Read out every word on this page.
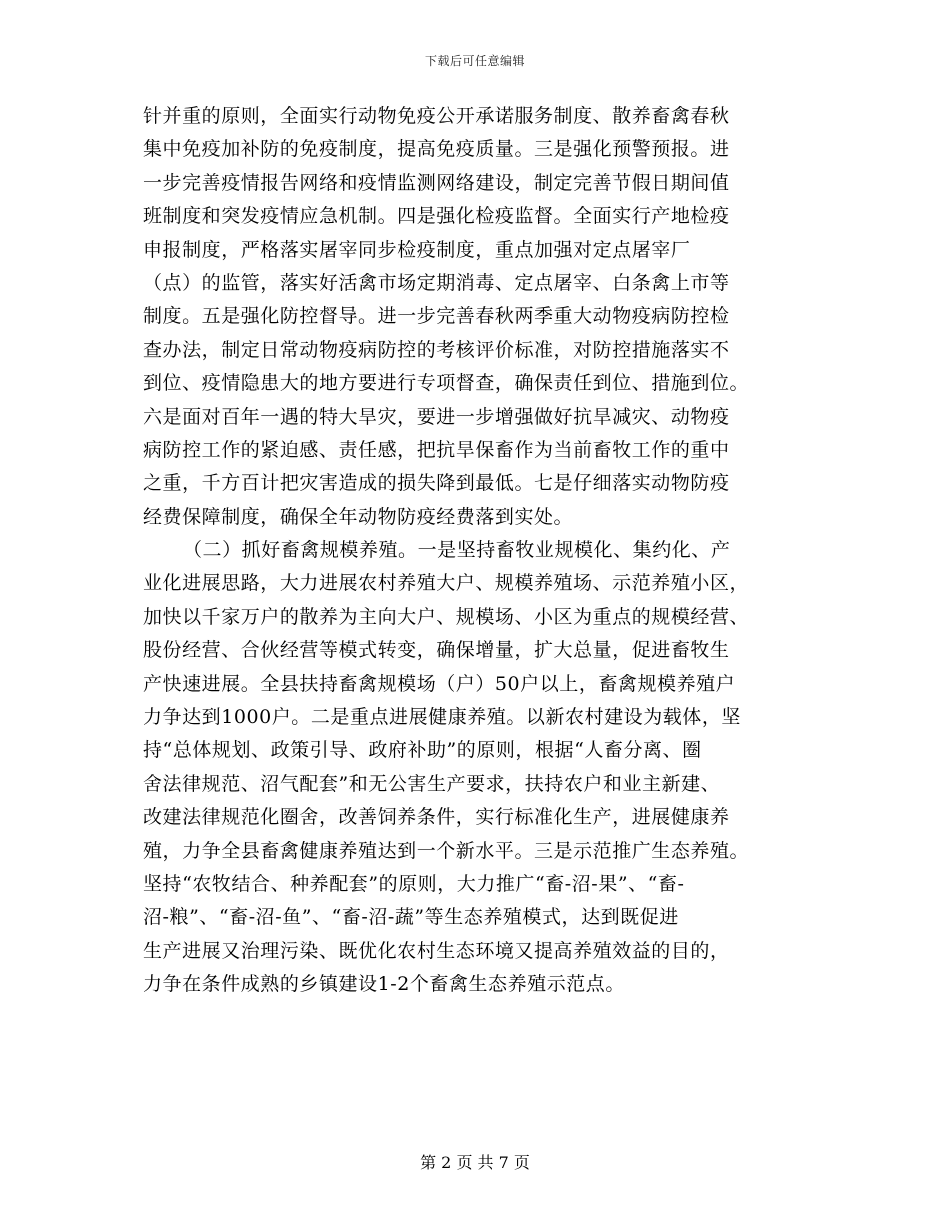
下载后可任意编辑
针并重的原则，全面实行动物免疫公开承诺服务制度、散养畜禽春秋
集中免疫加补防的免疫制度，提高免疫质量。三是强化预警预报。进
一步完善疫情报告网络和疫情监测网络建设，制定完善节假日期间值
班制度和突发疫情应急机制。四是强化检疫监督。全面实行产地检疫
申报制度，严格落实屠宰同步检疫制度，重点加强对定点屠宰厂
（点）的监管，落实好活禽市场定期消毒、定点屠宰、白条禽上市等
制度。五是强化防控督导。进一步完善春秋两季重大动物疫病防控检
查办法，制定日常动物疫病防控的考核评价标准，对防控措施落实不
到位、疫情隐患大的地方要进行专项督查，确保责任到位、措施到位。
六是面对百年一遇的特大旱灾，要进一步增强做好抗旱减灾、动物疫
病防控工作的紧迫感、责任感，把抗旱保畜作为当前畜牧工作的重中
之重，千方百计把灾害造成的损失降到最低。七是仔细落实动物防疫
经费保障制度，确保全年动物防疫经费落到实处。
（二）抓好畜禽规模养殖。一是坚持畜牧业规模化、集约化、产
业化进展思路，大力进展农村养殖大户、规模养殖场、示范养殖小区，
加快以千家万户的散养为主向大户、规模场、小区为重点的规模经营、
股份经营、合伙经营等模式转变，确保增量，扩大总量，促进畜牧生
产快速进展。全县扶持畜禽规模场（户）50户以上，畜禽规模养殖户
力争达到1000户。二是重点进展健康养殖。以新农村建设为载体，坚
持“总体规划、政策引导、政府补助”的原则，根据“人畜分离、圈
舍法律规范、沼气配套”和无公害生产要求，扶持农户和业主新建、
改建法律规范化圈舍，改善饲养条件，实行标准化生产，进展健康养
殖，力争全县畜禽健康养殖达到一个新水平。三是示范推广生态养殖。
坚持“农牧结合、种养配套”的原则，大力推广“畜-沼-果”、“畜-
沼-粮”、“畜-沼-鱼”、“畜-沼-蔬”等生态养殖模式，达到既促进
生产进展又治理污染、既优化农村生态环境又提高养殖效益的目的，
力争在条件成熟的乡镇建设1-2个畜禽生态养殖示范点。
第 2 页 共 7 页
